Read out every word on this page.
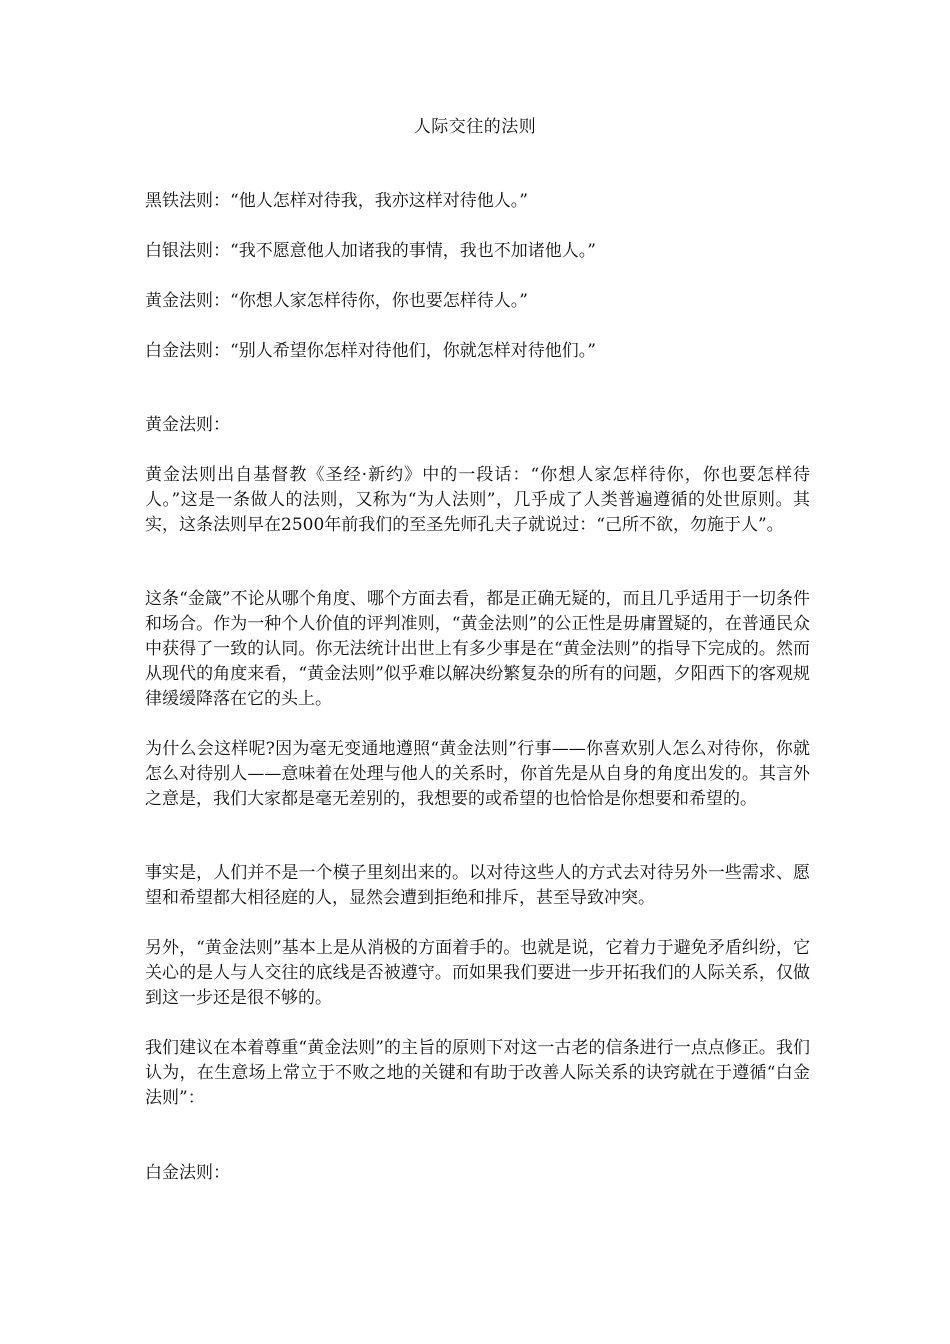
人际交往的法则
黑铁法则：“他人怎样对待我，我亦这样对待他人。”
白银法则：“我不愿意他人加诸我的事情，我也不加诸他人。”
黄金法则：“你想人家怎样待你，你也要怎样待人。”
白金法则：“别人希望你怎样对待他们，你就怎样对待他们。”
黄金法则：
黄金法则出自基督教《圣经·新约》中的一段话：“你想人家怎样待你，你也要怎样待人。”这是一条做人的法则，又称为“为人法则”，几乎成了人类普遍遵循的处世原则。其实，这条法则早在2500年前我们的至圣先师孔夫子就说过：“己所不欲，勿施于人”。
这条“金箴”不论从哪个角度、哪个方面去看，都是正确无疑的，而且几乎适用于一切条件和场合。作为一种个人价值的评判准则，“黄金法则”的公正性是毋庸置疑的，在普通民众中获得了一致的认同。你无法统计出世上有多少事是在“黄金法则”的指导下完成的。然而从现代的角度来看，“黄金法则”似乎难以解决纷繁复杂的所有的问题，夕阳西下的客观规律缓缓降落在它的头上。
为什么会这样呢?因为毫无变通地遵照“黄金法则”行事——你喜欢别人怎么对待你，你就怎么对待别人——意味着在处理与他人的关系时，你首先是从自身的角度出发的。其言外之意是，我们大家都是毫无差别的，我想要的或希望的也恰恰是你想要和希望的。
事实是，人们并不是一个模子里刻出来的。以对待这些人的方式去对待另外一些需求、愿望和希望都大相径庭的人，显然会遭到拒绝和排斥，甚至导致冲突。
另外，“黄金法则”基本上是从消极的方面着手的。也就是说，它着力于避免矛盾纠纷，它关心的是人与人交往的底线是否被遵守。而如果我们要进一步开拓我们的人际关系，仅做到这一步还是很不够的。
我们建议在本着尊重“黄金法则”的主旨的原则下对这一古老的信条进行一点点修正。我们认为，在生意场上常立于不败之地的关键和有助于改善人际关系的诀窍就在于遵循“白金法则”：
白金法则：
